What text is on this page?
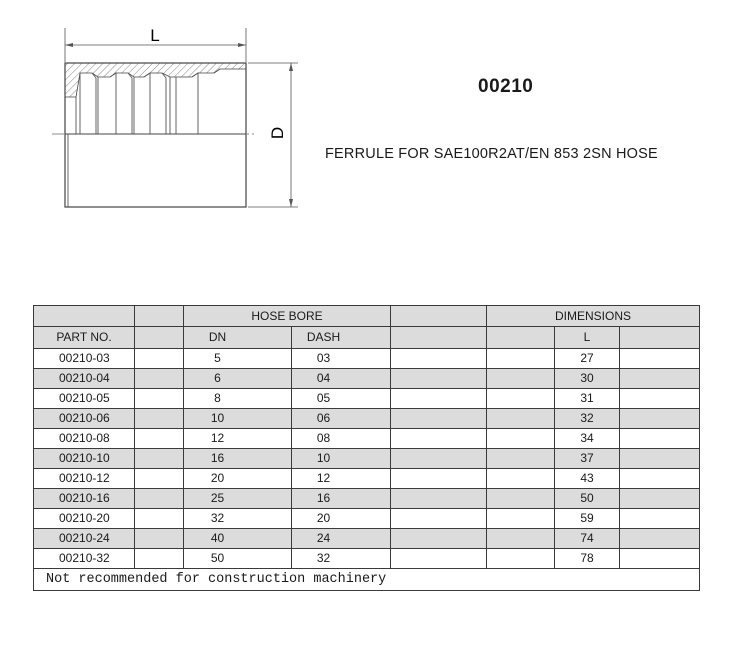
L
D
00210
FERRULE FOR SAE100R2AT/EN 853 2SN HOSE
		HOSE BORE			DIMENSIONS		
PART NO.		DN	DASH			L	
00210-03		5	03			27	
00210-04		6	04			30	
00210-05		8	05			31	
00210-06		10	06			32	
00210-08		12	08			34	
00210-10		16	10			37	
00210-12		20	12			43	
00210-16		25	16			50	
00210-20		32	20			59	
00210-24		40	24			74	
00210-32		50	32			78	
Not recommended for construction machinery							
